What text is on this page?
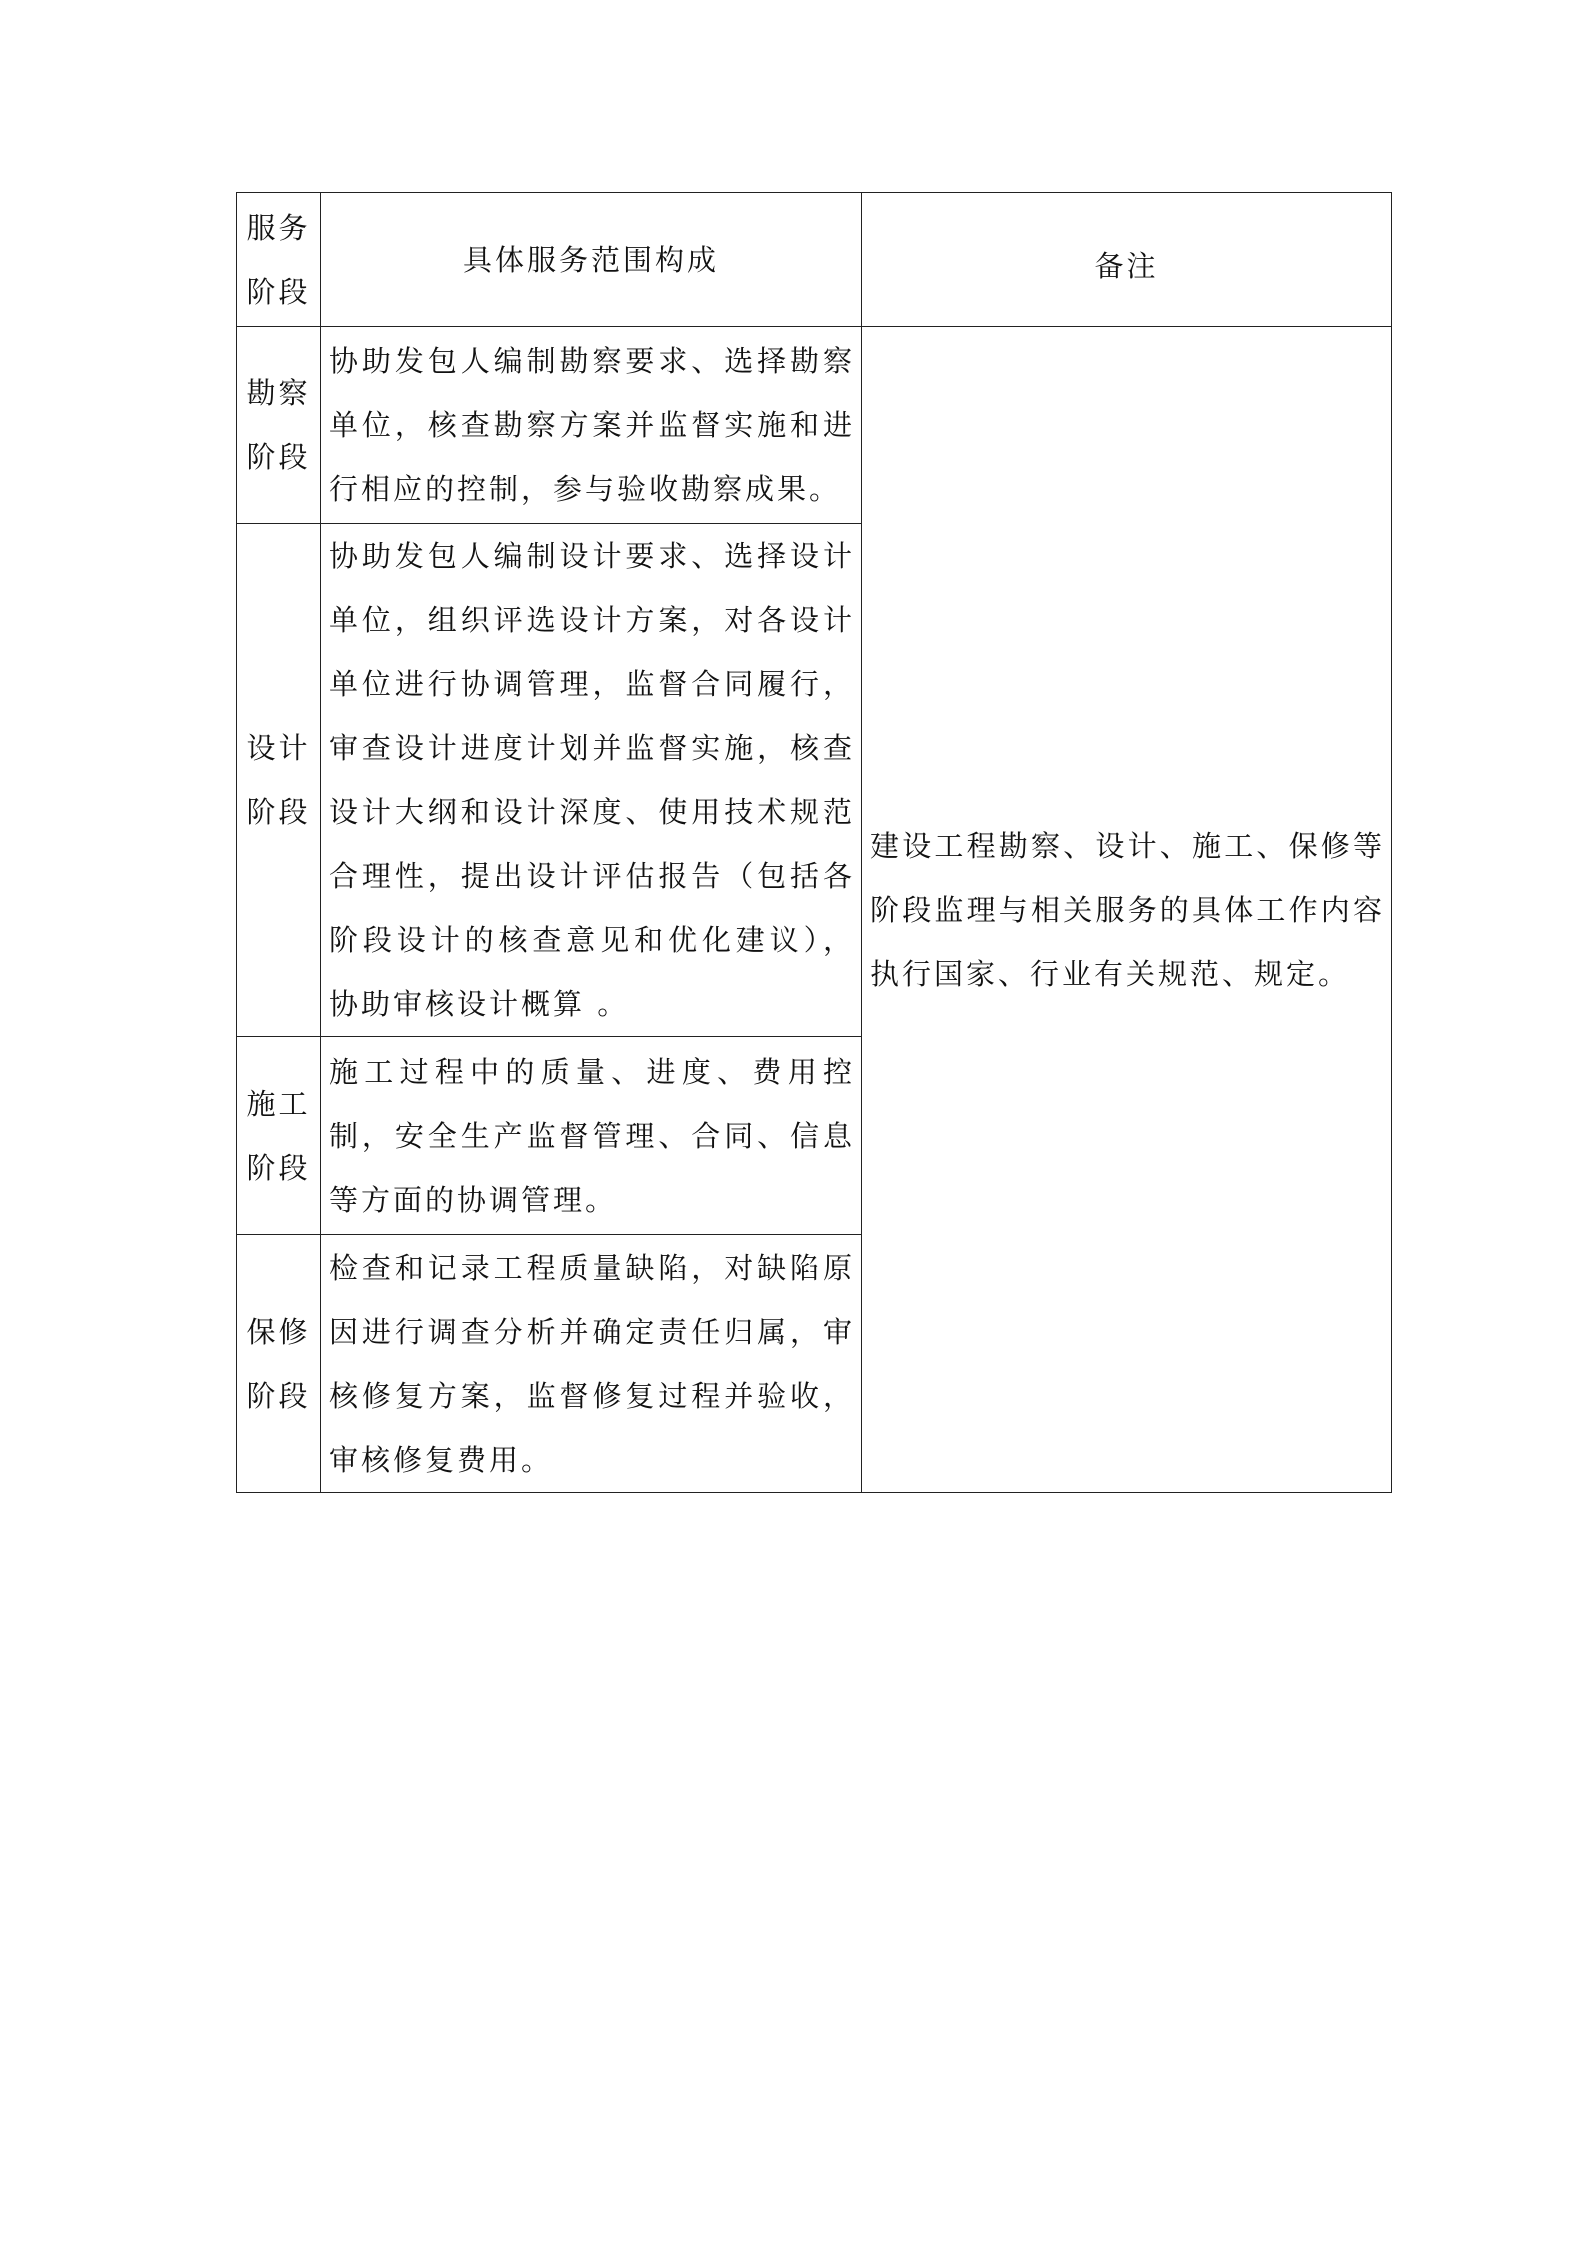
服务阶段	具体服务范围构成	备注

勘察阶段	协助发包人编制勘察要求、选择勘察单位，核查勘察方案并监督实施和进行相应的控制，参与验收勘察成果。	建设工程勘察、设计、施工、保修等阶段监理与相关服务的具体工作内容执行国家、行业有关规范、规定。

设计阶段	协助发包人编制设计要求、选择设计单位，组织评选设计方案，对各设计单位进行协调管理，监督合同履行，审查设计进度计划并监督实施，核查设计大纲和设计深度、使用技术规范合理性，提出设计评估报告（包括各阶段设计的核查意见和优化建议），协助审核设计概算 。	

施工阶段	施工过程中的质量、进度、费用控制，安全生产监督管理、合同、信息等方面的协调管理。	

保修阶段	检查和记录工程质量缺陷，对缺陷原因进行调查分析并确定责任归属，审核修复方案，监督修复过程并验收，审核修复费用。	
